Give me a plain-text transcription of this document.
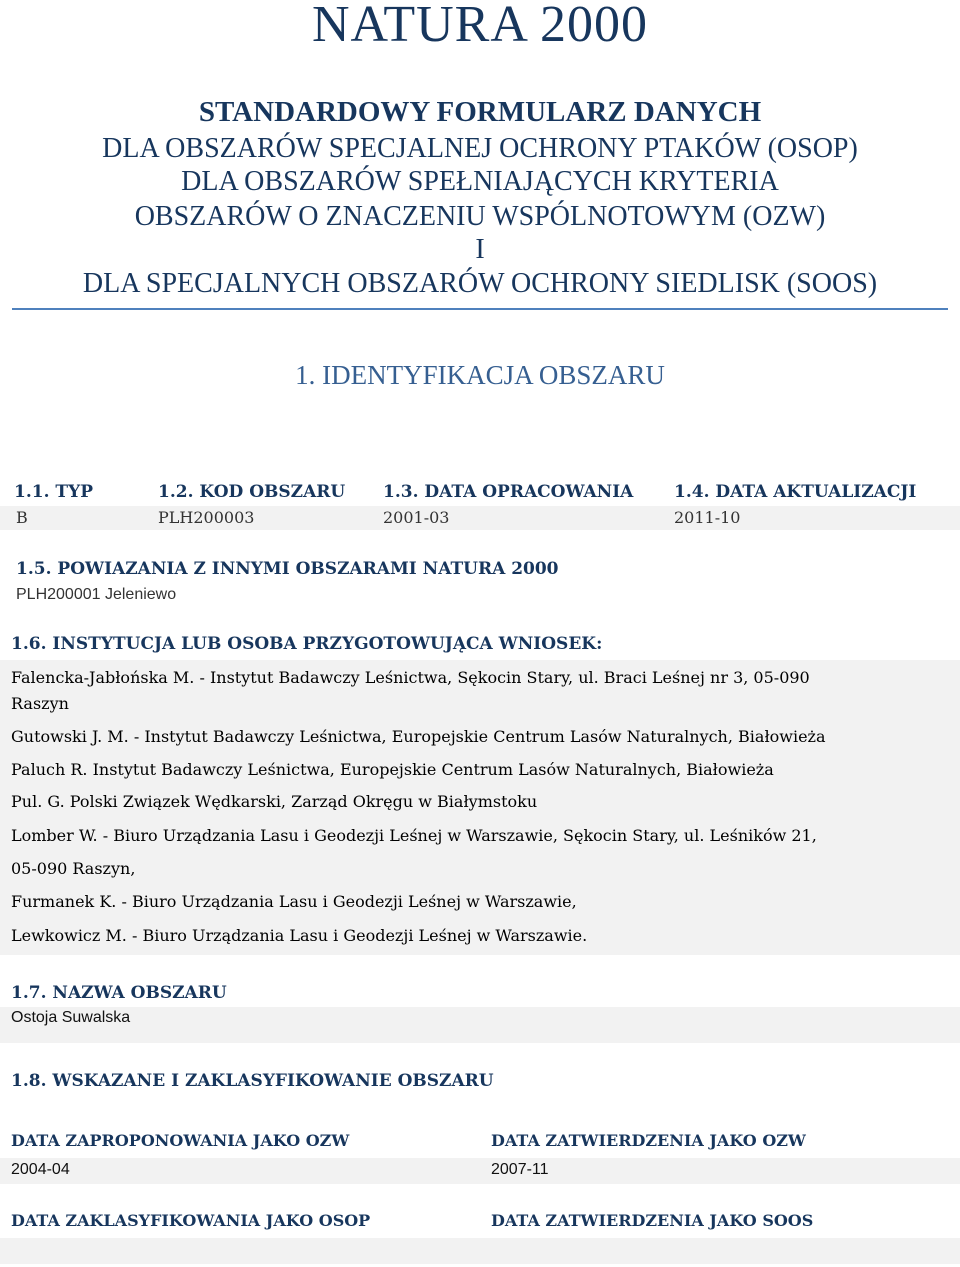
NATURA 2000
STANDARDOWY FORMULARZ DANYCH
DLA OBSZARÓW SPECJALNEJ OCHRONY PTAKÓW (OSOP)
DLA OBSZARÓW SPEŁNIAJĄCYCH KRYTERIA
OBSZARÓW O ZNACZENIU WSPÓLNOTOWYM (OZW)
I
DLA SPECJALNYCH OBSZARÓW OCHRONY SIEDLISK (SOOS)
1. IDENTYFIKACJA OBSZARU
1.1. TYP	1.2. KOD OBSZARU 1.3. DATA OPRACOWANIA 1.4. DATA AKTUALIZACJI
B	PLH200003	2001-03	2011-10
1.5. POWIAZANIA Z INNYMI OBSZARAMI NATURA 2000
PLH200001 Jeleniewo
1.6. INSTYTUCJA LUB OSOBA PRZYGOTOWUJĄCA WNIOSEK:
Falencka-Jabłońska M. - Instytut Badawczy Leśnictwa, Sękocin Stary, ul. Braci Leśnej nr 3, 05-090
Raszyn
Gutowski J. M. - Instytut Badawczy Leśnictwa, Europejskie Centrum Lasów Naturalnych, Białowieża
Paluch R. Instytut Badawczy Leśnictwa, Europejskie Centrum Lasów Naturalnych, Białowieża
Pul. G. Polski Związek Wędkarski, Zarząd Okręgu w Białymstoku
Lomber W. - Biuro Urządzania Lasu i Geodezji Leśnej w Warszawie, Sękocin Stary, ul. Leśników 21,
05-090 Raszyn,
Furmanek K. - Biuro Urządzania Lasu i Geodezji Leśnej w Warszawie,
Lewkowicz M. - Biuro Urządzania Lasu i Geodezji Leśnej w Warszawie.
1.7. NAZWA OBSZARU
Ostoja Suwalska
1.8. WSKAZANE I ZAKLASYFIKOWANIE OBSZARU
DATA ZAPROPONOWANIA JAKO OZW	DATA ZATWIERDZENIA JAKO OZW
2004-04	2007-11
DATA ZAKLASYFIKOWANIA JAKO OSOP	DATA ZATWIERDZENIA JAKO SOOS
